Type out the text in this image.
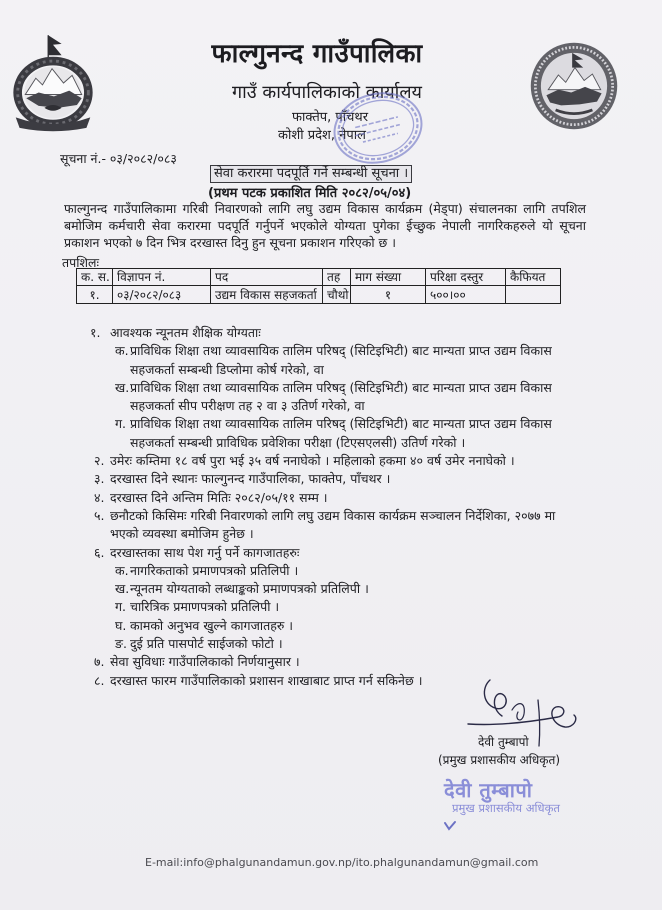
फाल्गुनन्द गाउँपालिका
गाउँ कार्यपालिकाको कार्यालय
फाक्तेप, पाँचथर
कोशी प्रदेश, नेपाल
सूचना नं.- ०३/२०८२/०८३
सेवा करारमा पदपूर्ति गर्ने सम्बन्धी सूचना ।
(प्रथम पटक प्रकाशित मिति २०८२/०५/०४)
फाल्गुनन्द गाउँपालिकामा गरिबी निवारणको लागि लघु उद्यम विकास कार्यक्रम (मेड्पा) संचालनका लागि तपशिल बमोजिम कर्मचारी सेवा करारमा पदपूर्ति गर्नुपर्ने भएकोले योग्यता पुगेका ईच्छुक नेपाली नागरिकहरुले यो सूचना प्रकाशन भएको ७ दिन भित्र दरखास्त दिनु हुन सूचना प्रकाशन गरिएको छ ।
तपशिलः
क. स.	विज्ञापन नं.	पद	तह	माग संख्या	परिक्षा दस्तुर	कैफियत
१.	०३/२०८२/०८३	उद्यम विकास सहजकर्ता	चौथो	१	५००।००	
१. आवश्यक न्यूनतम शैक्षिक योग्यताः
क. प्राविधिक शिक्षा तथा व्यावसायिक तालिम परिषद् (सिटिइभिटी) बाट मान्यता प्राप्त उद्यम विकास सहजकर्ता सम्बन्धी डिप्लोमा कोर्ष गरेको, वा
ख. प्राविधिक शिक्षा तथा व्यावसायिक तालिम परिषद् (सिटिइभिटी) बाट मान्यता प्राप्त उद्यम विकास सहजकर्ता सीप परीक्षण तह २ वा ३ उतिर्ण गरेको, वा
ग. प्राविधिक शिक्षा तथा व्यावसायिक तालिम परिषद् (सिटिइभिटी) बाट मान्यता प्राप्त उद्यम विकास सहजकर्ता सम्बन्धी प्राविधिक प्रवेशिका परीक्षा (टिएसएलसी) उतिर्ण गरेको ।
२. उमेरः कम्तिमा १८ वर्ष पुरा भई ३५ वर्ष ननाघेको । महिलाको हकमा ४० वर्ष उमेर ननाघेको ।
३. दरखास्त दिने स्थानः फाल्गुनन्द गाउँपालिका, फाक्तेप, पाँचथर ।
४. दरखास्त दिने अन्तिम मितिः २०८२/०५/११ सम्म ।
५. छनौटको किसिमः गरिबी निवारणको लागि लघु उद्यम विकास कार्यक्रम सञ्चालन निर्देशिका, २०७७ मा भएको व्यवस्था बमोजिम हुनेछ ।
६. दरखास्तका साथ पेश गर्नु पर्ने कागजातहरुः
क. नागरिकताको प्रमाणपत्रको प्रतिलिपी ।
ख. न्यूनतम योग्यताको लब्धाङ्कको प्रमाणपत्रको प्रतिलिपी ।
ग. चारित्रिक प्रमाणपत्रको प्रतिलिपी ।
घ. कामको अनुभव खुल्ने कागजातहरु ।
ङ. दुई प्रति पासपोर्ट साईजको फोटो ।
७. सेवा सुविधाः गाउँपालिकाको निर्णयानुसार ।
८. दरखास्त फारम गाउँपालिकाको प्रशासन शाखाबाट प्राप्त गर्न सकिनेछ ।
देवी तुम्बापो
(प्रमुख प्रशासकीय अधिकृत)
देवी तुम्बापो
प्रमुख प्रशासकीय अधिकृत
E-mail:info@phalgunandamun.gov.np/ito.phalgunandamun@gmail.com
